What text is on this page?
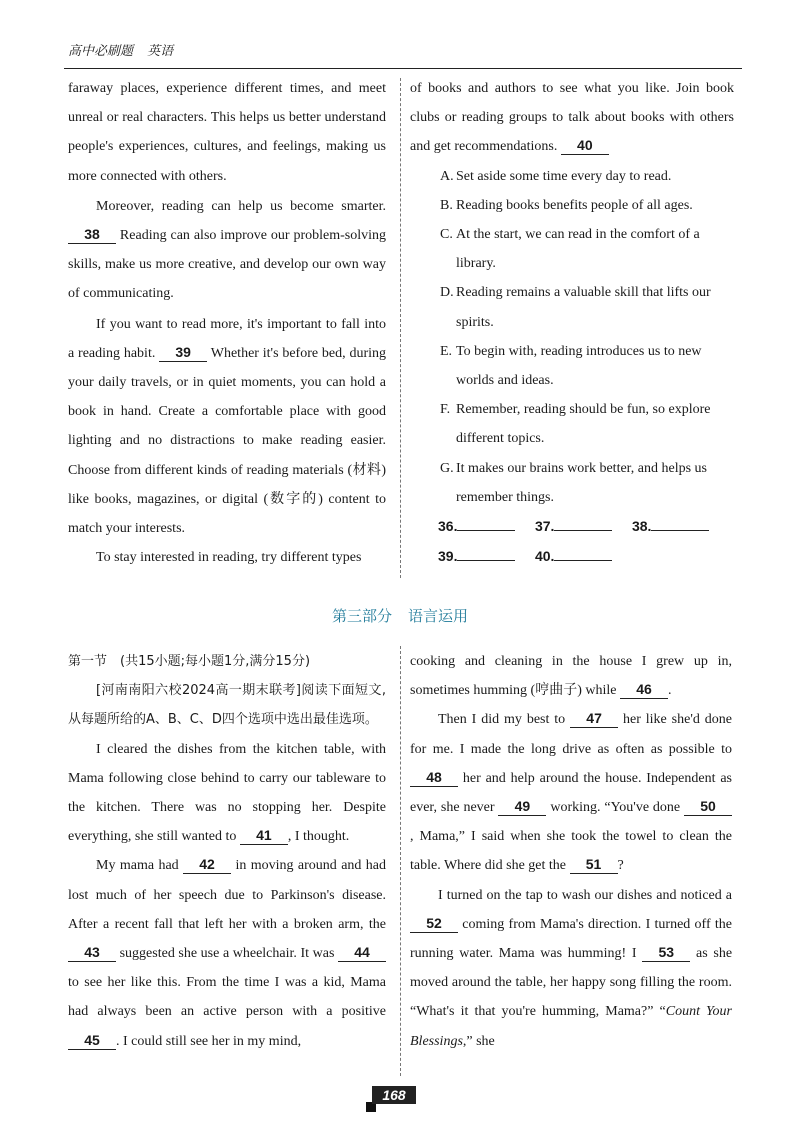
高中必刷题 英语

faraway places, experience different times, and meet unreal or real characters. This helps us better understand people's experiences, cultures, and feelings, making us more connected with others.

Moreover, reading can help us become smarter. 38 Reading can also improve our problem-solving skills, make us more creative, and develop our own way of communicating.

If you want to read more, it's important to fall into a reading habit. 39 Whether it's before bed, during your daily travels, or in quiet moments, you can hold a book in hand. Create a comfortable place with good lighting and no distractions to make reading easier. Choose from different kinds of reading materials (材料) like books, magazines, or digital (数字的) content to match your interests.

To stay interested in reading, try different types

of books and authors to see what you like. Join book clubs or reading groups to talk about books with others and get recommendations. 40

A. Set aside some time every day to read.
B. Reading books benefits people of all ages.
C. At the start, we can read in the comfort of a library.
D. Reading remains a valuable skill that lifts our spirits.
E. To begin with, reading introduces us to new worlds and ideas.
F. Remember, reading should be fun, so explore different topics.
G. It makes our brains work better, and helps us remember things.
36.	37.	38.
39.	40.
第三部分 语言运用

第一节　(共15小题;每小题1分,满分15分)

[河南南阳六校2024高一期末联考]阅读下面短文,从每题所给的A、B、C、D四个选项中选出最佳选项。

I cleared the dishes from the kitchen table, with Mama following close behind to carry our tableware to the kitchen. There was no stopping her. Despite everything, she still wanted to 41 , I thought.

My mama had 42 in moving around and had lost much of her speech due to Parkinson's disease. After a recent fall that left her with a broken arm, the 43 suggested she use a wheelchair. It was 44 to see her like this. From the time I was a kid, Mama had always been an active person with a positive 45 . I could still see her in my mind,

cooking and cleaning in the house I grew up in, sometimes humming (哼曲子) while 46 .

Then I did my best to 47 her like she'd done for me. I made the long drive as often as possible to 48 her and help around the house. Independent as ever, she never 49 working. “You've done 50, Mama,” I said when she took the towel to clean the table. Where did she get the 51 ?

I turned on the tap to wash our dishes and noticed a 52 coming from Mama's direction. I turned off the running water. Mama was humming! I 53 as she moved around the table, her happy song filling the room. “What's it that you're humming, Mama?” “Count Your Blessings,” she

168
